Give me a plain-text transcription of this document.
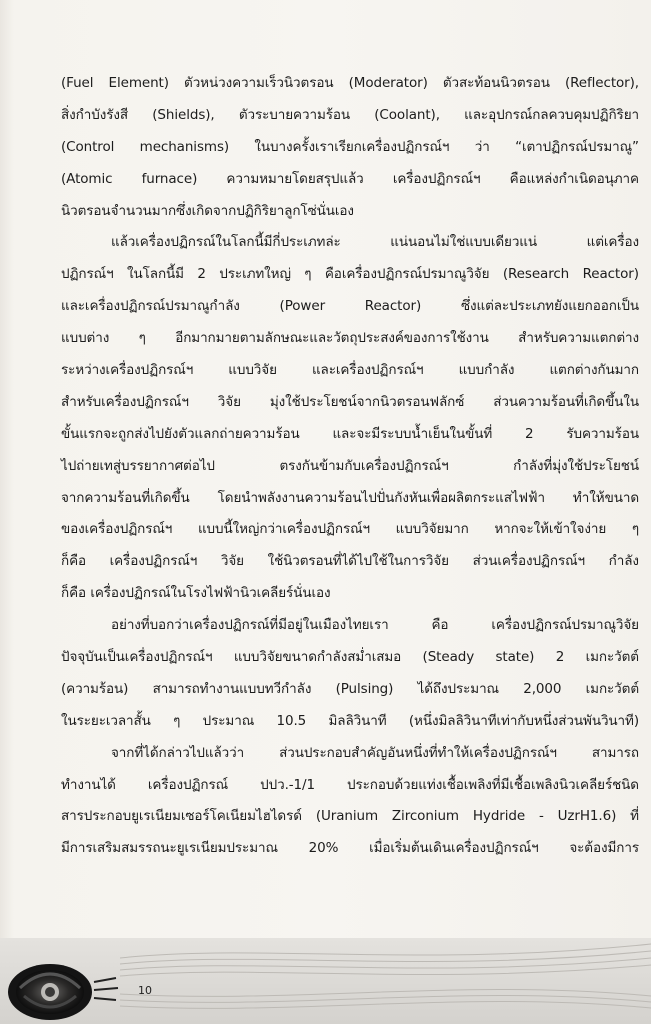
(Fuel Element) ตัวหน่วงความเร็วนิวตรอน (Moderator) ตัวสะท้อนนิวตรอน (Reflector),
สิ่งกำบังรังสี (Shields), ตัวระบายความร้อน (Coolant), และอุปกรณ์กลควบคุมปฏิกิริยา
(Control mechanisms) ในบางครั้งเราเรียกเครื่องปฏิกรณ์ฯ ว่า “เตาปฏิกรณ์ปรมาณู”
(Atomic furnace) ความหมายโดยสรุปแล้ว เครื่องปฏิกรณ์ฯ คือแหล่งกำเนิดอนุภาค
นิวตรอนจำนวนมากซึ่งเกิดจากปฏิกิริยาลูกโซ่นั่นเอง
แล้วเครื่องปฏิกรณ์ในโลกนี้มีกี่ประเภทล่ะ	แน่นอนไม่ใช่แบบเดียวแน่	แต่เครื่อง
ปฏิกรณ์ฯ ในโลกนี้มี 2 ประเภทใหญ่ ๆ คือเครื่องปฏิกรณ์ปรมาณูวิจัย (Research Reactor)
และเครื่องปฏิกรณ์ปรมาณูกำลัง	(Power	Reactor)	ซึ่งแต่ละประเภทยังแยกออกเป็น
แบบต่าง ๆ อีกมากมายตามลักษณะและวัตถุประสงค์ของการใช้งาน สำหรับความแตกต่าง
ระหว่างเครื่องปฏิกรณ์ฯ	แบบวิจัย	และเครื่องปฏิกรณ์ฯ	แบบกำลัง	แตกต่างกันมาก
สำหรับเครื่องปฏิกรณ์ฯ วิจัย มุ่งใช้ประโยชน์จากนิวตรอนฟลักซ์ ส่วนความร้อนที่เกิดขึ้นใน
ขั้นแรกจะถูกส่งไปยังตัวแลกถ่ายความร้อน และจะมีระบบน้ำเย็นในขั้นที่ 2 รับความร้อน
ไปถ่ายเทสู่บรรยากาศต่อไป	ตรงกันข้ามกับเครื่องปฏิกรณ์ฯ	กำลังที่มุ่งใช้ประโยชน์
จากความร้อนที่เกิดขึ้น โดยนำพลังงานความร้อนไปปั่นกังหันเพื่อผลิตกระแสไฟฟ้า ทำให้ขนาด
ของเครื่องปฏิกรณ์ฯ แบบนี้ใหญ่กว่าเครื่องปฏิกรณ์ฯ แบบวิจัยมาก หากจะให้เข้าใจง่าย ๆ
ก็คือ เครื่องปฏิกรณ์ฯ วิจัย ใช้นิวตรอนที่ได้ไปใช้ในการวิจัย ส่วนเครื่องปฏิกรณ์ฯ กำลัง
ก็คือ เครื่องปฏิกรณ์ในโรงไฟฟ้านิวเคลียร์นั่นเอง
อย่างที่บอกว่าเครื่องปฏิกรณ์ที่มีอยู่ในเมืองไทยเรา	คือ	เครื่องปฏิกรณ์ปรมาณูวิจัย
ปัจจุบันเป็นเครื่องปฏิกรณ์ฯ แบบวิจัยขนาดกำลังสม่ำเสมอ (Steady state) 2 เมกะวัตต์
(ความร้อน) สามารถทำงานแบบทวีกำลัง (Pulsing) ได้ถึงประมาณ 2,000 เมกะวัตต์
ในระยะเวลาสั้น ๆ ประมาณ 10.5 มิลลิวินาที (หนึ่งมิลลิวินาทีเท่ากับหนึ่งส่วนพันวินาที)
จากที่ได้กล่าวไปแล้วว่า	ส่วนประกอบสำคัญอันหนึ่งที่ทำให้เครื่องปฏิกรณ์ฯ	สามารถ
ทำงานได้ เครื่องปฏิกรณ์ ปปว.-1/1 ประกอบด้วยแท่งเชื้อเพลิงที่มีเชื้อเพลิงนิวเคลียร์ชนิด
สารประกอบยูเรเนียมเซอร์โคเนียมไฮไดรด์ (Uranium Zirconium Hydride - UzrH1.6) ที่
มีการเสริมสมรรถนะยูเรเนียมประมาณ 20% เมื่อเริ่มต้นเดินเครื่องปฏิกรณ์ฯ จะต้องมีการ
10
